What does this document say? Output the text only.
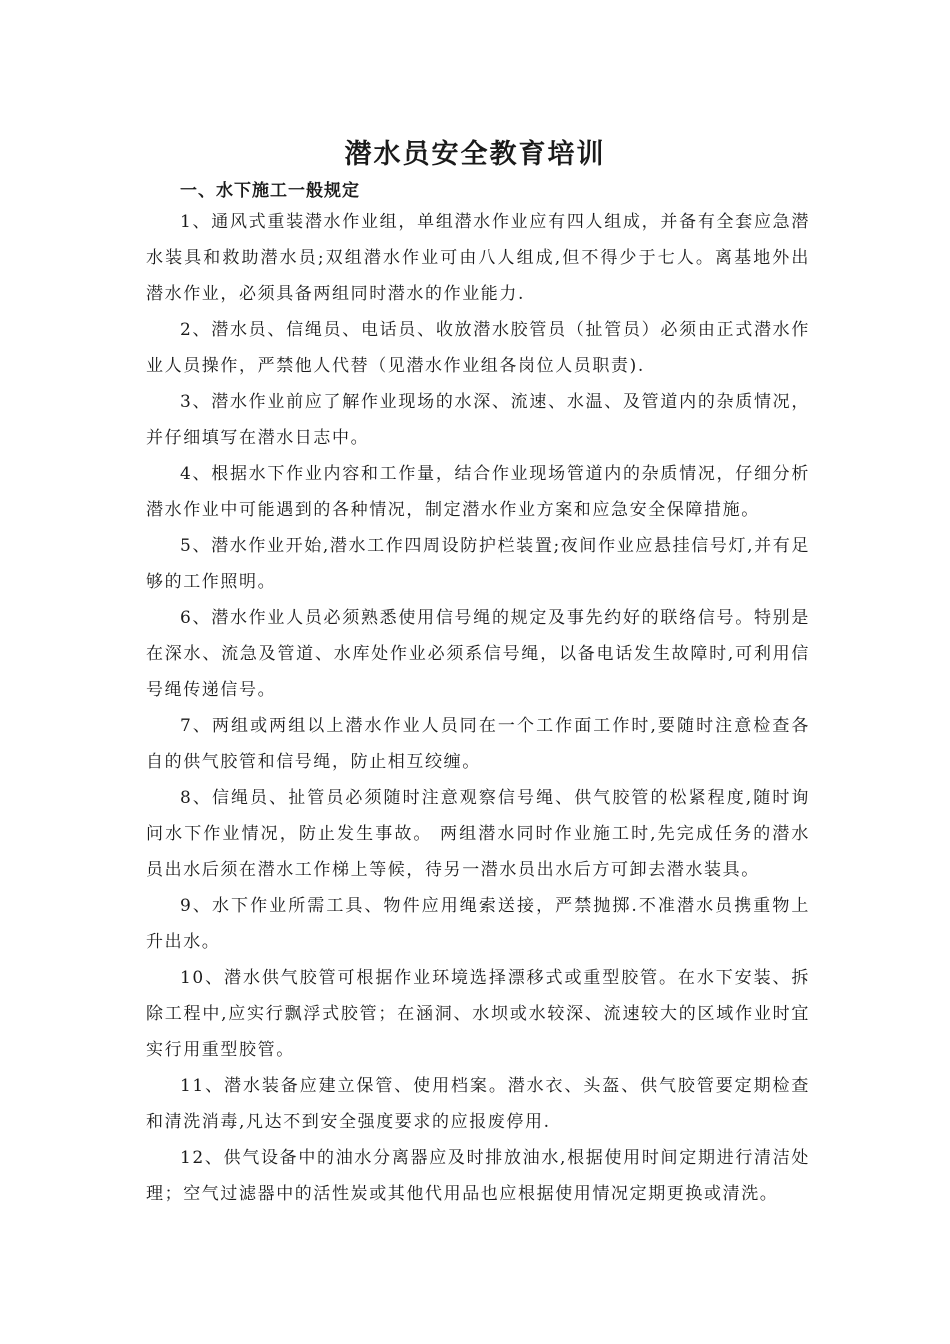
潜水员安全教育培训
一、水下施工一般规定

1、通风式重装潜水作业组，单组潜水作业应有四人组成，并备有全套应急潜水装具和救助潜水员;双组潜水作业可由八人组成,但不得少于七人。离基地外出潜水作业，必须具备两组同时潜水的作业能力.

2、潜水员、信绳员、电话员、收放潜水胶管员（扯管员）必须由正式潜水作业人员操作，严禁他人代替（见潜水作业组各岗位人员职责).

3、潜水作业前应了解作业现场的水深、流速、水温、及管道内的杂质情况，并仔细填写在潜水日志中。

4、根据水下作业内容和工作量，结合作业现场管道内的杂质情况，仔细分析潜水作业中可能遇到的各种情况，制定潜水作业方案和应急安全保障措施。

5、潜水作业开始,潜水工作四周设防护栏装置;夜间作业应悬挂信号灯,并有足够的工作照明。

6、潜水作业人员必须熟悉使用信号绳的规定及事先约好的联络信号。特别是在深水、流急及管道、水库处作业必须系信号绳，以备电话发生故障时,可利用信号绳传递信号。

7、两组或两组以上潜水作业人员同在一个工作面工作时,要随时注意检查各自的供气胶管和信号绳，防止相互绞缠。

8、信绳员、扯管员必须随时注意观察信号绳、供气胶管的松紧程度,随时询问水下作业情况，防止发生事故。 两组潜水同时作业施工时,先完成任务的潜水员出水后须在潜水工作梯上等候，待另一潜水员出水后方可卸去潜水装具。

9、水下作业所需工具、物件应用绳索送接，严禁抛掷.不准潜水员携重物上升出水。

10、潜水供气胶管可根据作业环境选择漂移式或重型胶管。在水下安装、拆除工程中,应实行飘浮式胶管；在涵洞、水坝或水较深、流速较大的区域作业时宜实行用重型胶管。

11、潜水装备应建立保管、使用档案。潜水衣、头盔、供气胶管要定期检查和清洗消毒,凡达不到安全强度要求的应报废停用.

12、供气设备中的油水分离器应及时排放油水,根据使用时间定期进行清洁处理；空气过滤器中的活性炭或其他代用品也应根据使用情况定期更换或清洗。
